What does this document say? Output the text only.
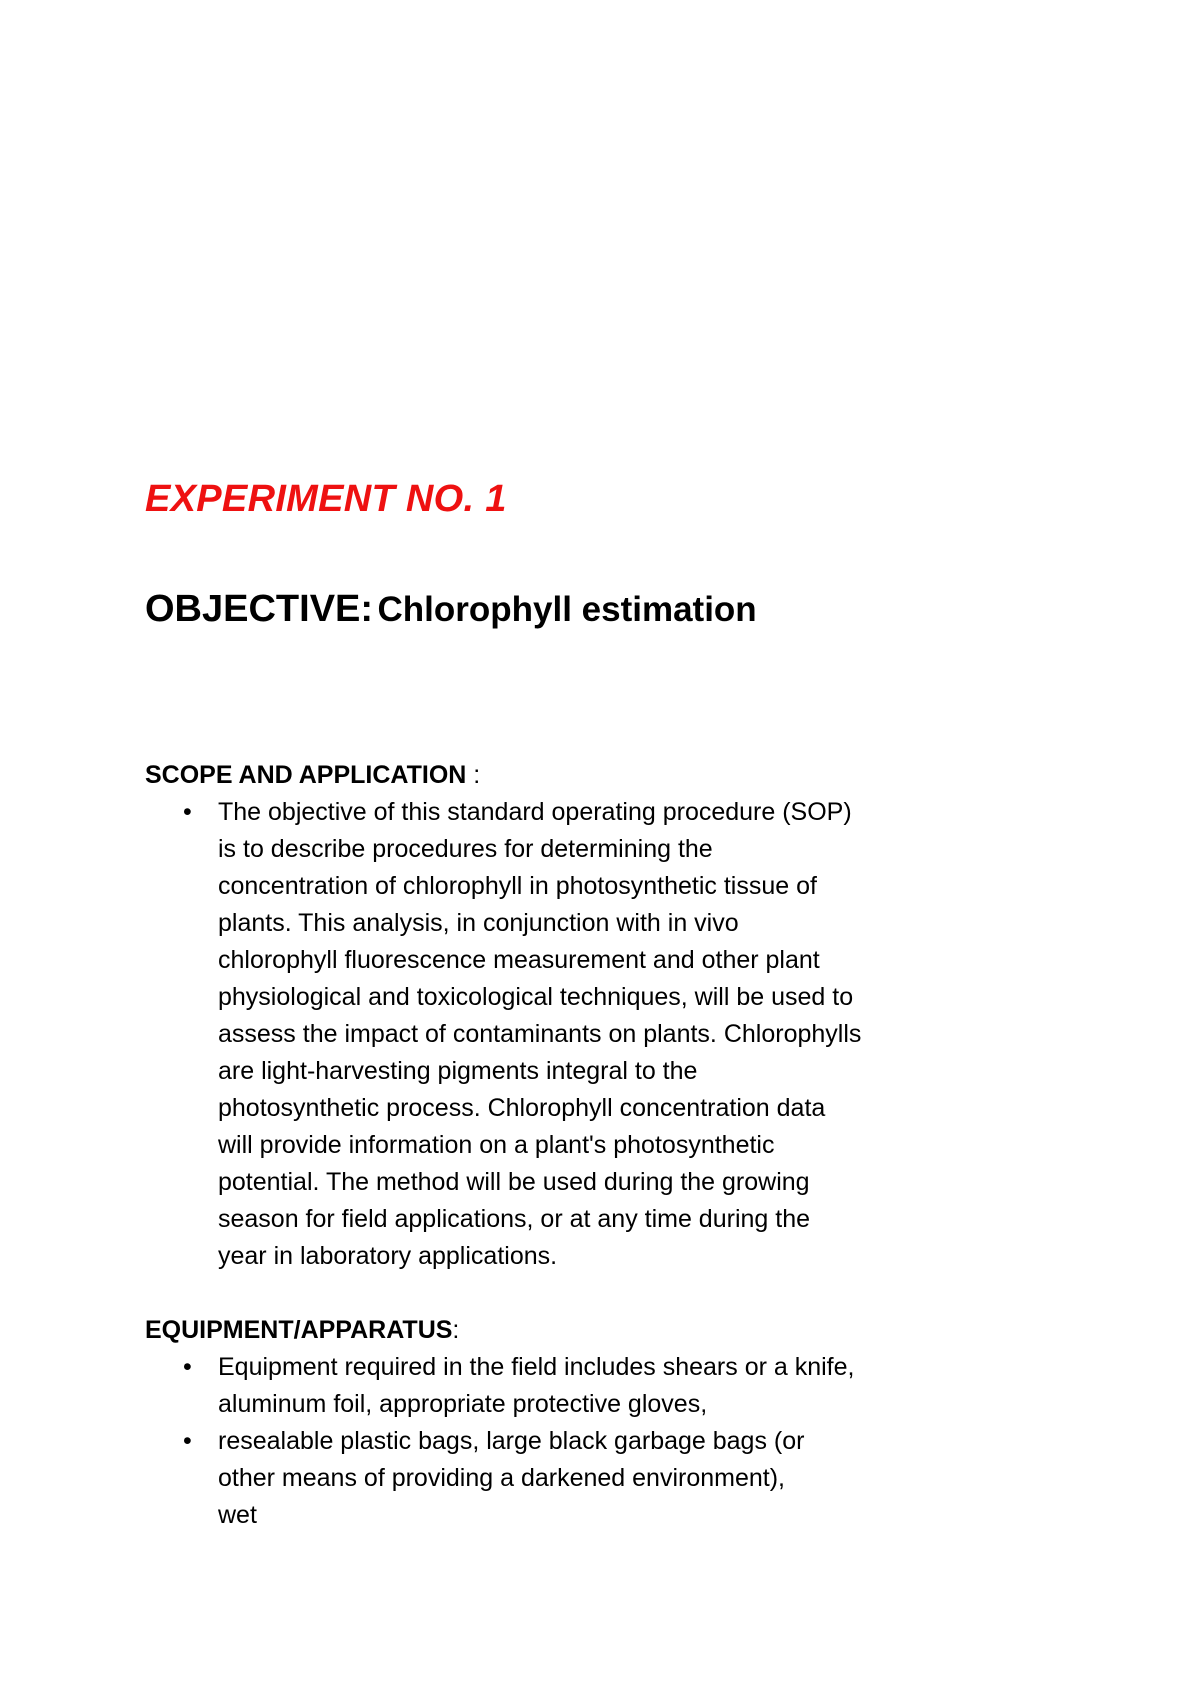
EXPERIMENT NO. 1
OBJECTIVE: Chlorophyll estimation

SCOPE AND APPLICATION :

• The objective of this standard operating procedure (SOP)
is to describe procedures for determining the
concentration of chlorophyll in photosynthetic tissue of
plants. This analysis, in conjunction with in vivo
chlorophyll fluorescence measurement and other plant
physiological and toxicological techniques, will be used to
assess the impact of contaminants on plants. Chlorophylls
are light-harvesting pigments integral to the
photosynthetic process. Chlorophyll concentration data
will provide information on a plant's photosynthetic
potential. The method will be used during the growing
season for field applications, or at any time during the
year in laboratory applications.

EQUIPMENT/APPARATUS:

• Equipment required in the field includes shears or a knife,
aluminum foil, appropriate protective gloves,
• resealable plastic bags, large black garbage bags (or
other means of providing a darkened environment),
wet
